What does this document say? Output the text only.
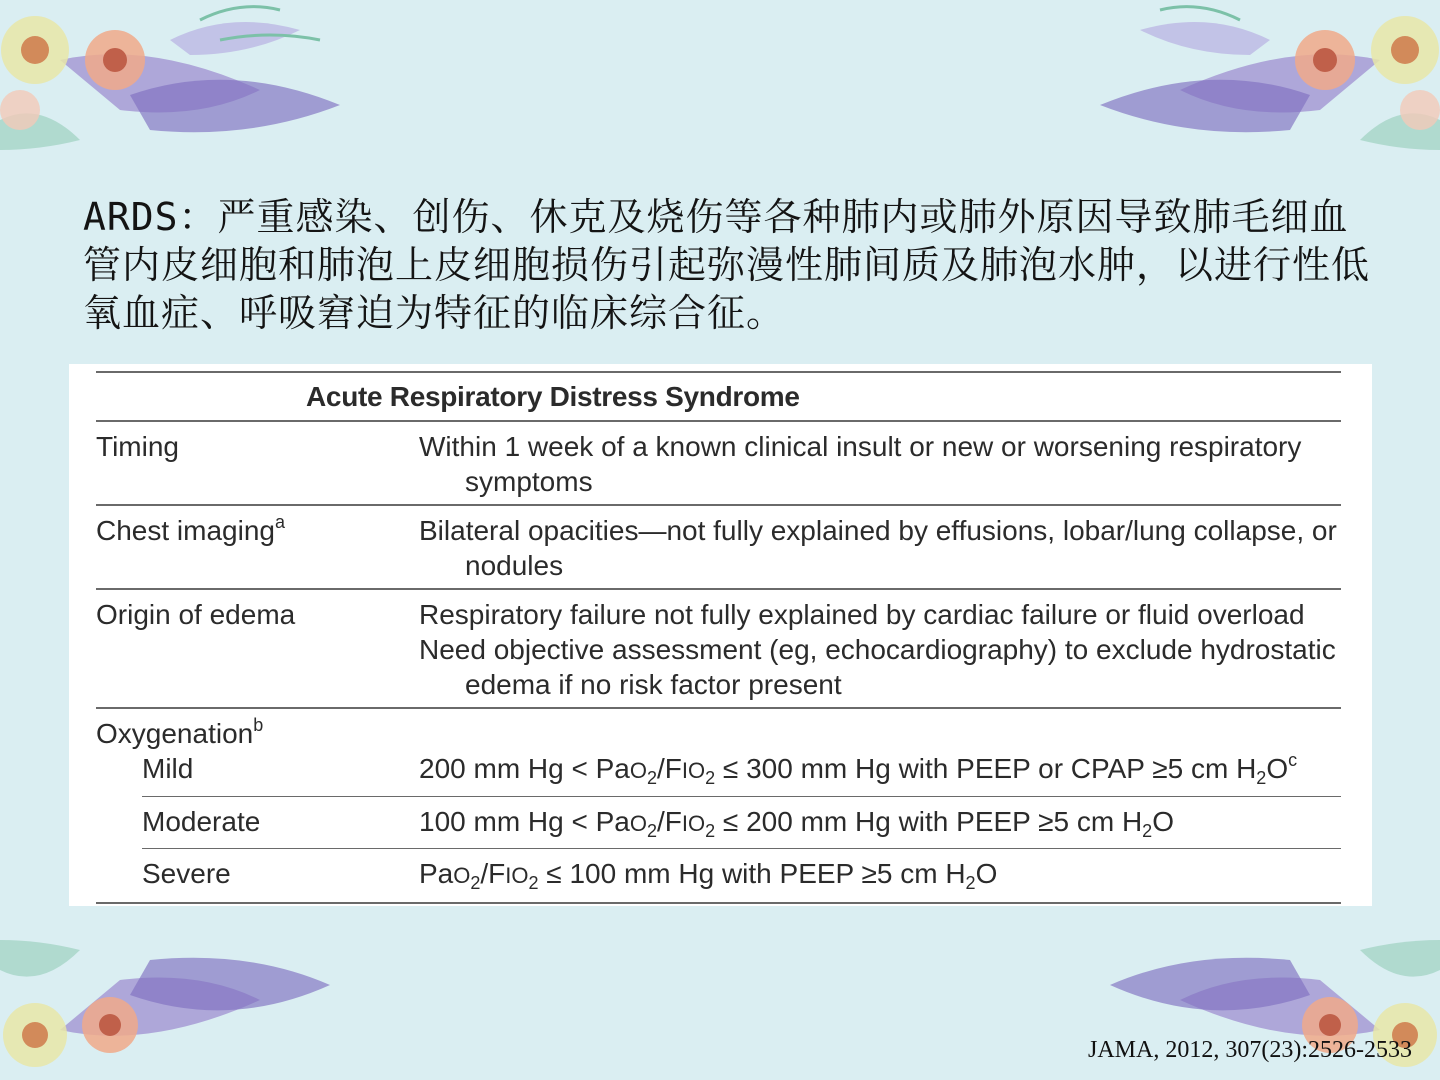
ARDS：严重感染、创伤、休克及烧伤等各种肺内或肺外原因导致肺毛细血管内皮细胞和肺泡上皮细胞损伤引起弥漫性肺间质及肺泡水肿，以进行性低氧血症、呼吸窘迫为特征的临床综合征。

Acute Respiratory Distress Syndrome
Timing	Within 1 week of a known clinical insult or new or worsening respiratory
symptoms
Chest imaging$^a$	Bilateral opacities—not fully explained by effusions, lobar/lung collapse, or
nodules
Origin of edema	Respiratory failure not fully explained by cardiac failure or fluid overload
Need objective assessment (eg, echocardiography) to exclude hydrostatic
edema if no risk factor present
Oxygenation$^b$
Mild	200 mm $Hg < PaO_2/FIO_2 \le 300$ mm Hg with PEEP or CPAP ≥5 cm $H_2O^c$
Moderate	100 mm $Hg < PaO_2/FIO_2 \le 200$ mm Hg with PEEP ≥5 cm $H_2O$
Severe	$PaO_2/FIO_2 \le 100$ mm Hg with PEEP ≥5 cm $H_2O$
JAMA, 2012, 307(23):2526-2533
